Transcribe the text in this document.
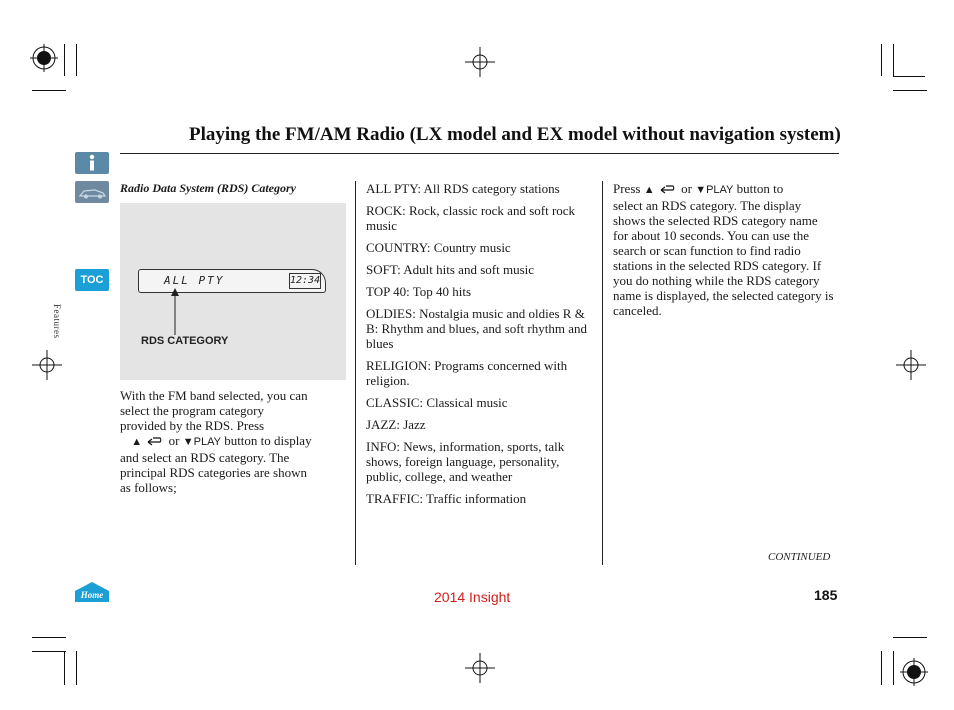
Playing the FM/AM Radio (LX model and EX model without navigation system)
TOC
Features
Home
Radio Data System (RDS) Category
ALL PTY	12:34
RDS CATEGORY
With the FM band selected, you can
select the program category
provided by the RDS. Press
▲ or ▼PLAY button to display
and select an RDS category. The
principal RDS categories are shown
as follows;

ALL PTY: All RDS category stations

ROCK: Rock, classic rock and soft rock music

COUNTRY: Country music

SOFT: Adult hits and soft music

TOP 40: Top 40 hits

OLDIES: Nostalgia music and oldies R & B: Rhythm and blues, and soft rhythm and blues

RELIGION: Programs concerned with religion.

CLASSIC: Classical music

JAZZ: Jazz

INFO: News, information, sports, talk shows, foreign language, personality, public, college, and weather

TRAFFIC: Traffic information

Press ▲ or ▼PLAY button to
select an RDS category. The display shows the selected RDS category name for about 10 seconds. You can use the search or scan function to find radio stations in the selected RDS category. If you do nothing while the RDS category name is displayed, the selected category is canceled.
CONTINUED
2014 Insight	185
